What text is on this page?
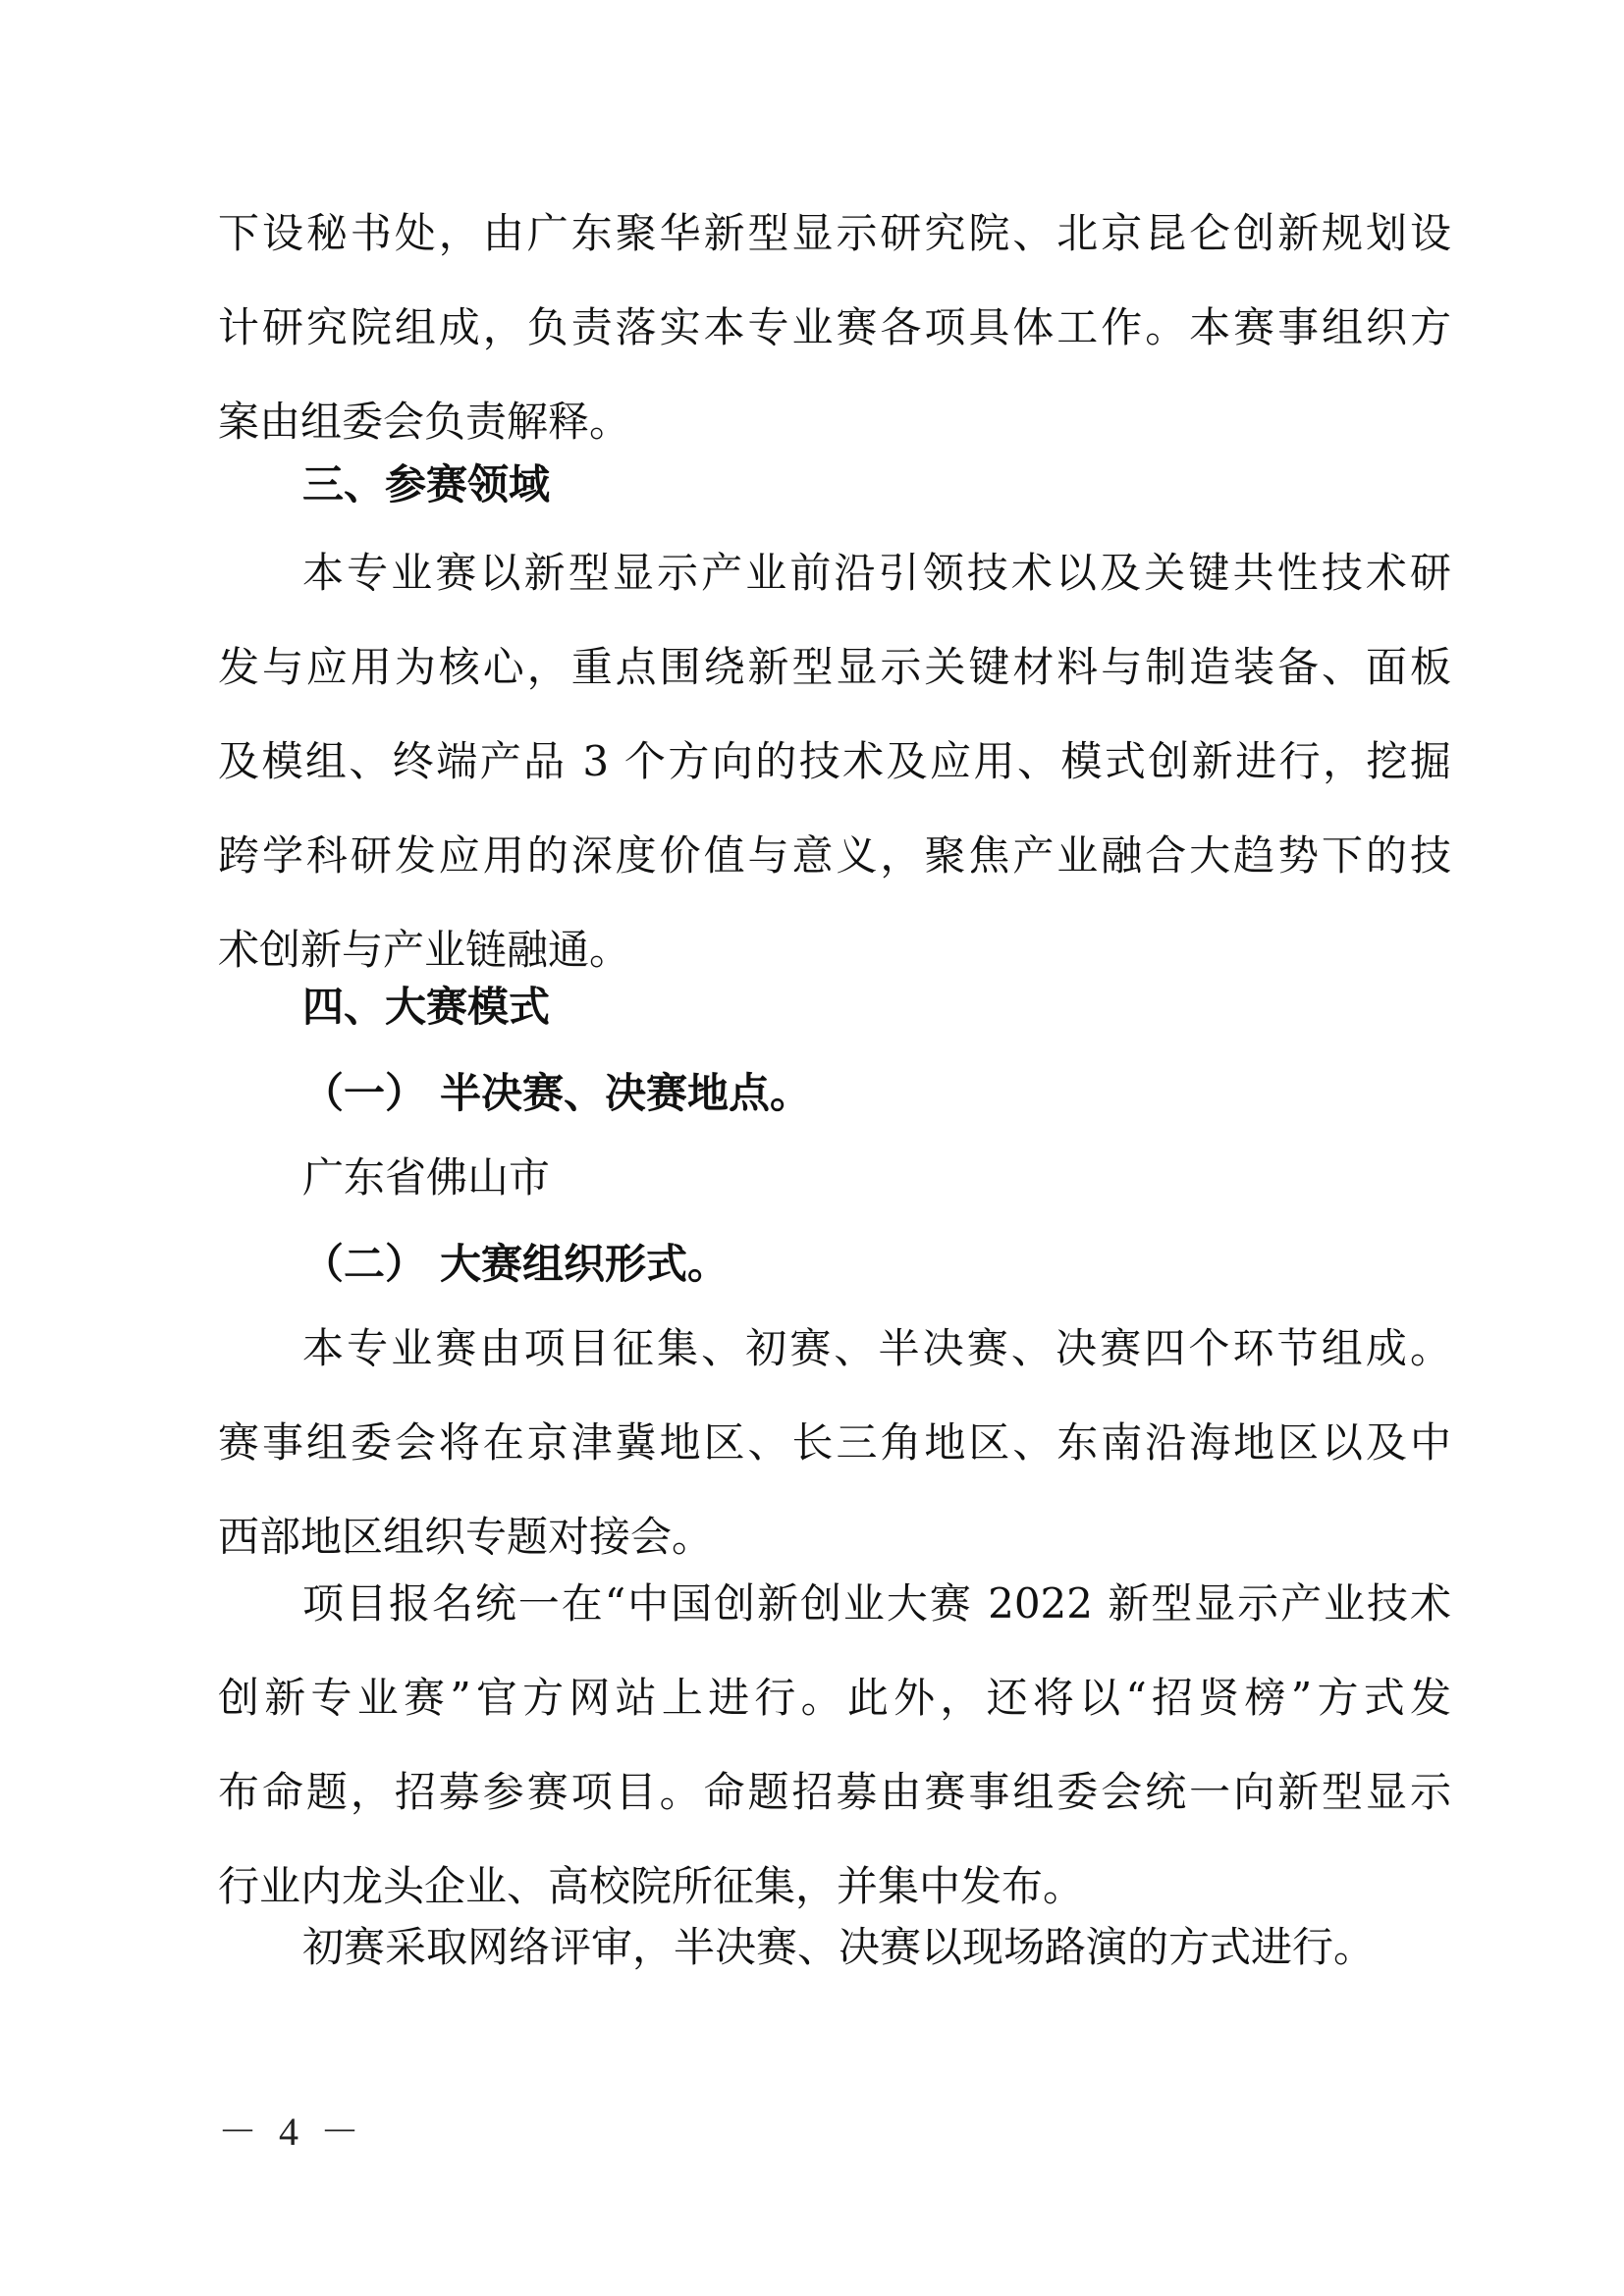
下设秘书处，由广东聚华新型显示研究院、北京昆仑创新规划设
计研究院组成，负责落实本专业赛各项具体工作。本赛事组织方
案由组委会负责解释。
三、参赛领域
本专业赛以新型显示产业前沿引领技术以及关键共性技术研
发与应用为核心，重点围绕新型显示关键材料与制造装备、面板
及模组、终端产品 3 个方向的技术及应用、模式创新进行，挖掘
跨学科研发应用的深度价值与意义，聚焦产业融合大趋势下的技
术创新与产业链融通。
四、大赛模式
（一） 半决赛、决赛地点。
广东省佛山市
（二） 大赛组织形式。
本专业赛由项目征集、初赛、半决赛、决赛四个环节组成。
赛事组委会将在京津冀地区、长三角地区、东南沿海地区以及中
西部地区组织专题对接会。
项目报名统一在“中国创新创业大赛 2022 新型显示产业技术
创新专业赛”官方网站上进行。此外，还将以“招贤榜”方式发
布命题，招募参赛项目。命题招募由赛事组委会统一向新型显示
行业内龙头企业、高校院所征集，并集中发布。
初赛采取网络评审，半决赛、决赛以现场路演的方式进行。
－ 4 －
